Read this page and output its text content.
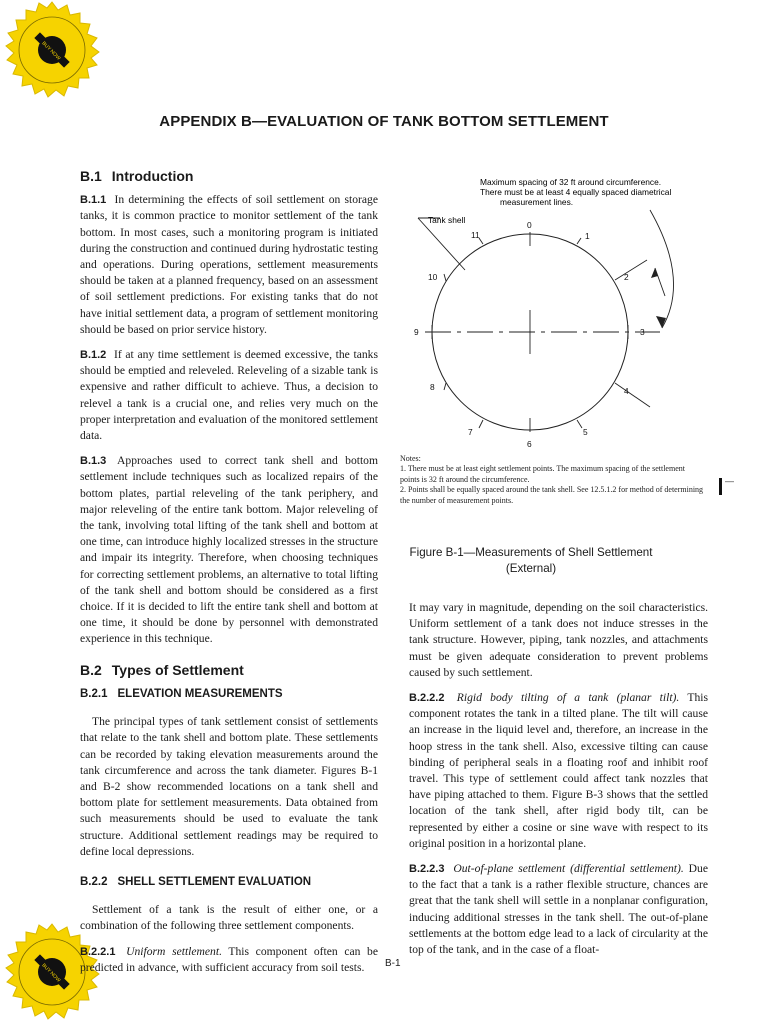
BUY NOW
BUY NOW
APPENDIX B—EVALUATION OF TANK BOTTOM SETTLEMENT
B.1 Introduction

B.1.1 In determining the effects of soil settlement on storage tanks, it is common practice to monitor settlement of the tank bottom. In most cases, such a monitoring program is initiated during the construction and continued during hydrostatic testing and operations. During operations, settlement measurements should be taken at a planned frequency, based on an assessment of soil settlement predictions. For existing tanks that do not have initial settlement data, a program of settlement monitoring should be based on prior service history.

B.1.2 If at any time settlement is deemed excessive, the tanks should be emptied and releveled. Releveling of a sizable tank is expensive and rather difficult to achieve. Thus, a decision to relevel a tank is a crucial one, and relies very much on the proper interpretation and evaluation of the monitored settlement data.

B.1.3 Approaches used to correct tank shell and bottom settlement include techniques such as localized repairs of the bottom plates, partial releveling of the tank periphery, and major releveling of the entire tank bottom. Major releveling of the tank, involving total lifting of the tank shell and bottom at one time, can introduce highly localized stresses in the structure and impair its integrity. Therefore, when choosing techniques for correcting settlement problems, an alternative to total lifting of the tank shell and bottom should be considered as a first choice. If it is decided to lift the entire tank shell and bottom at one time, it should be done by personnel with demonstrated experience in this technique.

B.2 Types of Settlement
B.2.1 ELEVATION MEASUREMENTS

The principal types of tank settlement consist of settlements that relate to the tank shell and bottom plate. These settlements can be recorded by taking elevation measurements around the tank circumference and across the tank diameter. Figures B-1 and B-2 show recommended locations on a tank shell and bottom plate for settlement measurements. Data obtained from such measurements should be used to evaluate the tank structure. Additional settlement readings may be required to define local depressions.

B.2.2 SHELL SETTLEMENT EVALUATION

Settlement of a tank is the result of either one, or a combination of the following three settlement components.

B.2.2.1 Uniform settlement. This component often can be predicted in advance, with sufficient accuracy from soil tests.

Maximum spacing of 32 ft around circumference.
There must be at least 4 equally spaced diametrical
measurement lines.
Tank shell	0
1
2
3
4
5
6
7
8
9
10
11
Notes:
1. There must be at least eight settlement points. The maximum spacing of the settlement points is 32 ft around the circumference.
2. Points shall be equally spaced around the tank shell. See 12.5.1.2 for method of determining the number of measurement points.
—
Figure B-1—Measurements of Shell Settlement
(External)

It may vary in magnitude, depending on the soil characteristics. Uniform settlement of a tank does not induce stresses in the tank structure. However, piping, tank nozzles, and attachments must be given adequate consideration to prevent problems caused by such settlement.

B.2.2.2 Rigid body tilting of a tank (planar tilt). This component rotates the tank in a tilted plane. The tilt will cause an increase in the liquid level and, therefore, an increase in the hoop stress in the tank shell. Also, excessive tilting can cause binding of peripheral seals in a floating roof and inhibit roof travel. This type of settlement could affect tank nozzles that have piping attached to them. Figure B-3 shows that the settled location of the tank shell, after rigid body tilt, can be represented by either a cosine or sine wave with respect to its original position in a horizontal plane.

B.2.2.3 Out-of-plane settlement (differential settlement). Due to the fact that a tank is a rather flexible structure, chances are great that the tank shell will settle in a nonplanar configuration, inducing additional stresses in the tank shell. The out-of-plane settlements at the bottom edge lead to a lack of circularity at the top of the tank, and in the case of a float-

B-1
